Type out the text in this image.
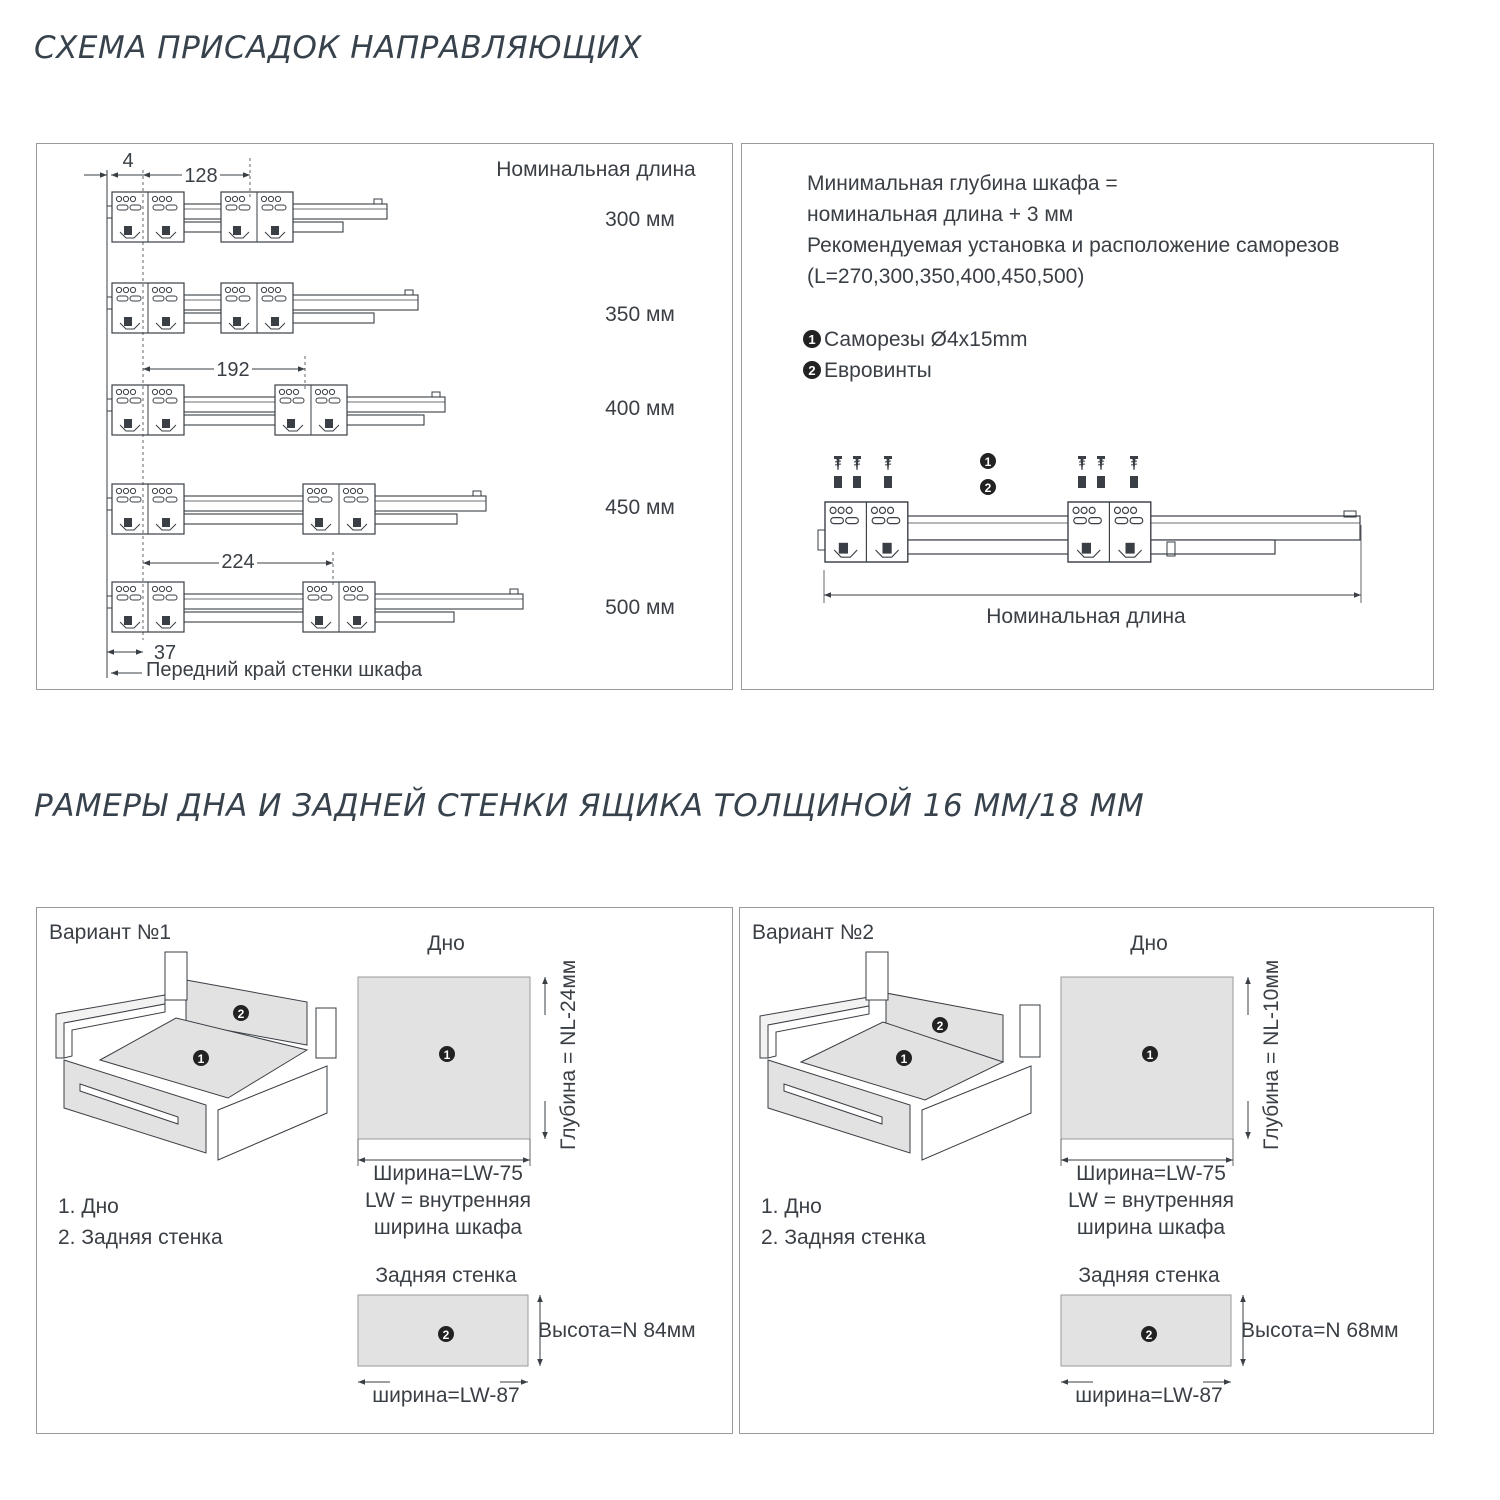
СХЕМА ПРИСАДОК НАПРАВЛЯЮЩИХ
РАМЕРЫ ДНА И ЗАДНЕЙ СТЕНКИ ЯЩИКА ТОЛЩИНОЙ 16 ММ/18 ММ
4
128
192
224
37
Передний край стенки шкафа
Номинальная длина
300 мм
350 мм
400 мм
450 мм
500 мм
Минимальная глубина шкафа =
номинальная длина + 3 мм
Рекомендуемая установка и расположение саморезов
(L=270,300,350,400,450,500)
1 Саморезы Ø4x15mm
2 Евровинты
1
2
Номинальная длина
Вариант №1
2
1
Дно
1	Глубина = NL-24мм
Ширина=LW-75
LW = внутренняя
ширина шкафа
1. Дно
2. Задняя стенка
Задняя стенка
2	Высота=N 84мм
ширина=LW-87
Вариант №2
2
1
Дно
1	Глубина = NL-10мм
Ширина=LW-75
LW = внутренняя
ширина шкафа
1. Дно
2. Задняя стенка
Задняя стенка
2	Высота=N 68мм
ширина=LW-87
